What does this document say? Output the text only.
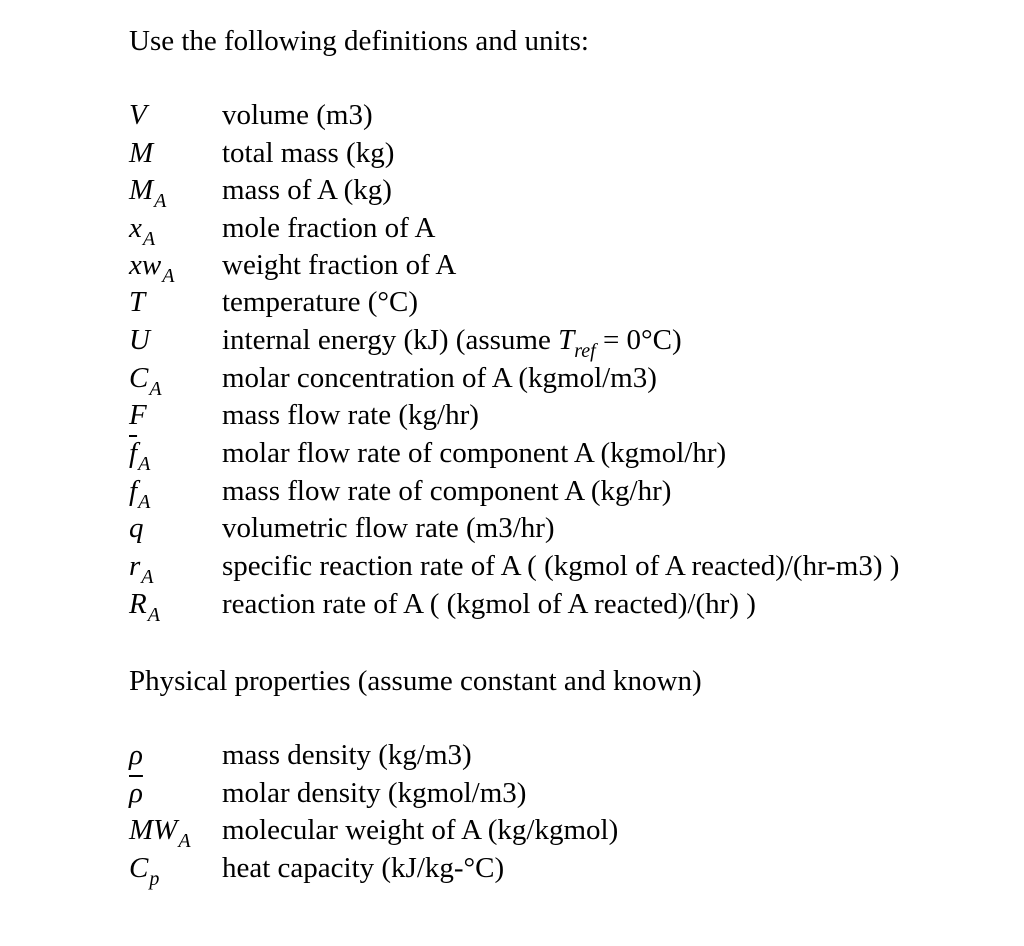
Use the following definitions and units:
V	volume (m3)
M total mass (kg)
$M_A$ mass of A (kg)
$x_A$ mole fraction of A
$xw_A$ weight fraction of A
T	temperature (°C)
U internal energy (kJ) (assume $T_{ref} = 0^\circ C$)
$C_A$ molar concentration of A (kgmol/m3)
F	mass flow rate (kg/hr)
$\overline{f}_A$ molar flow rate of component A (kgmol/hr)
$f_A$ mass flow rate of component A (kg/hr)
q	volumetric flow rate (m3/hr)
$r_A$ specific reaction rate of A ( (kgmol of A reacted)/(hr-m3) )
$R_A$ reaction rate of A ( (kgmol of A reacted)/(hr) )
Physical properties (assume constant and known)
ρ	mass density (kg/m3)
$\overline{\rho}$	molar density (kgmol/m3)
$MW_A$ molecular weight of A (kg/kgmol)
$C_p$ heat capacity (kJ/kg-°C)
